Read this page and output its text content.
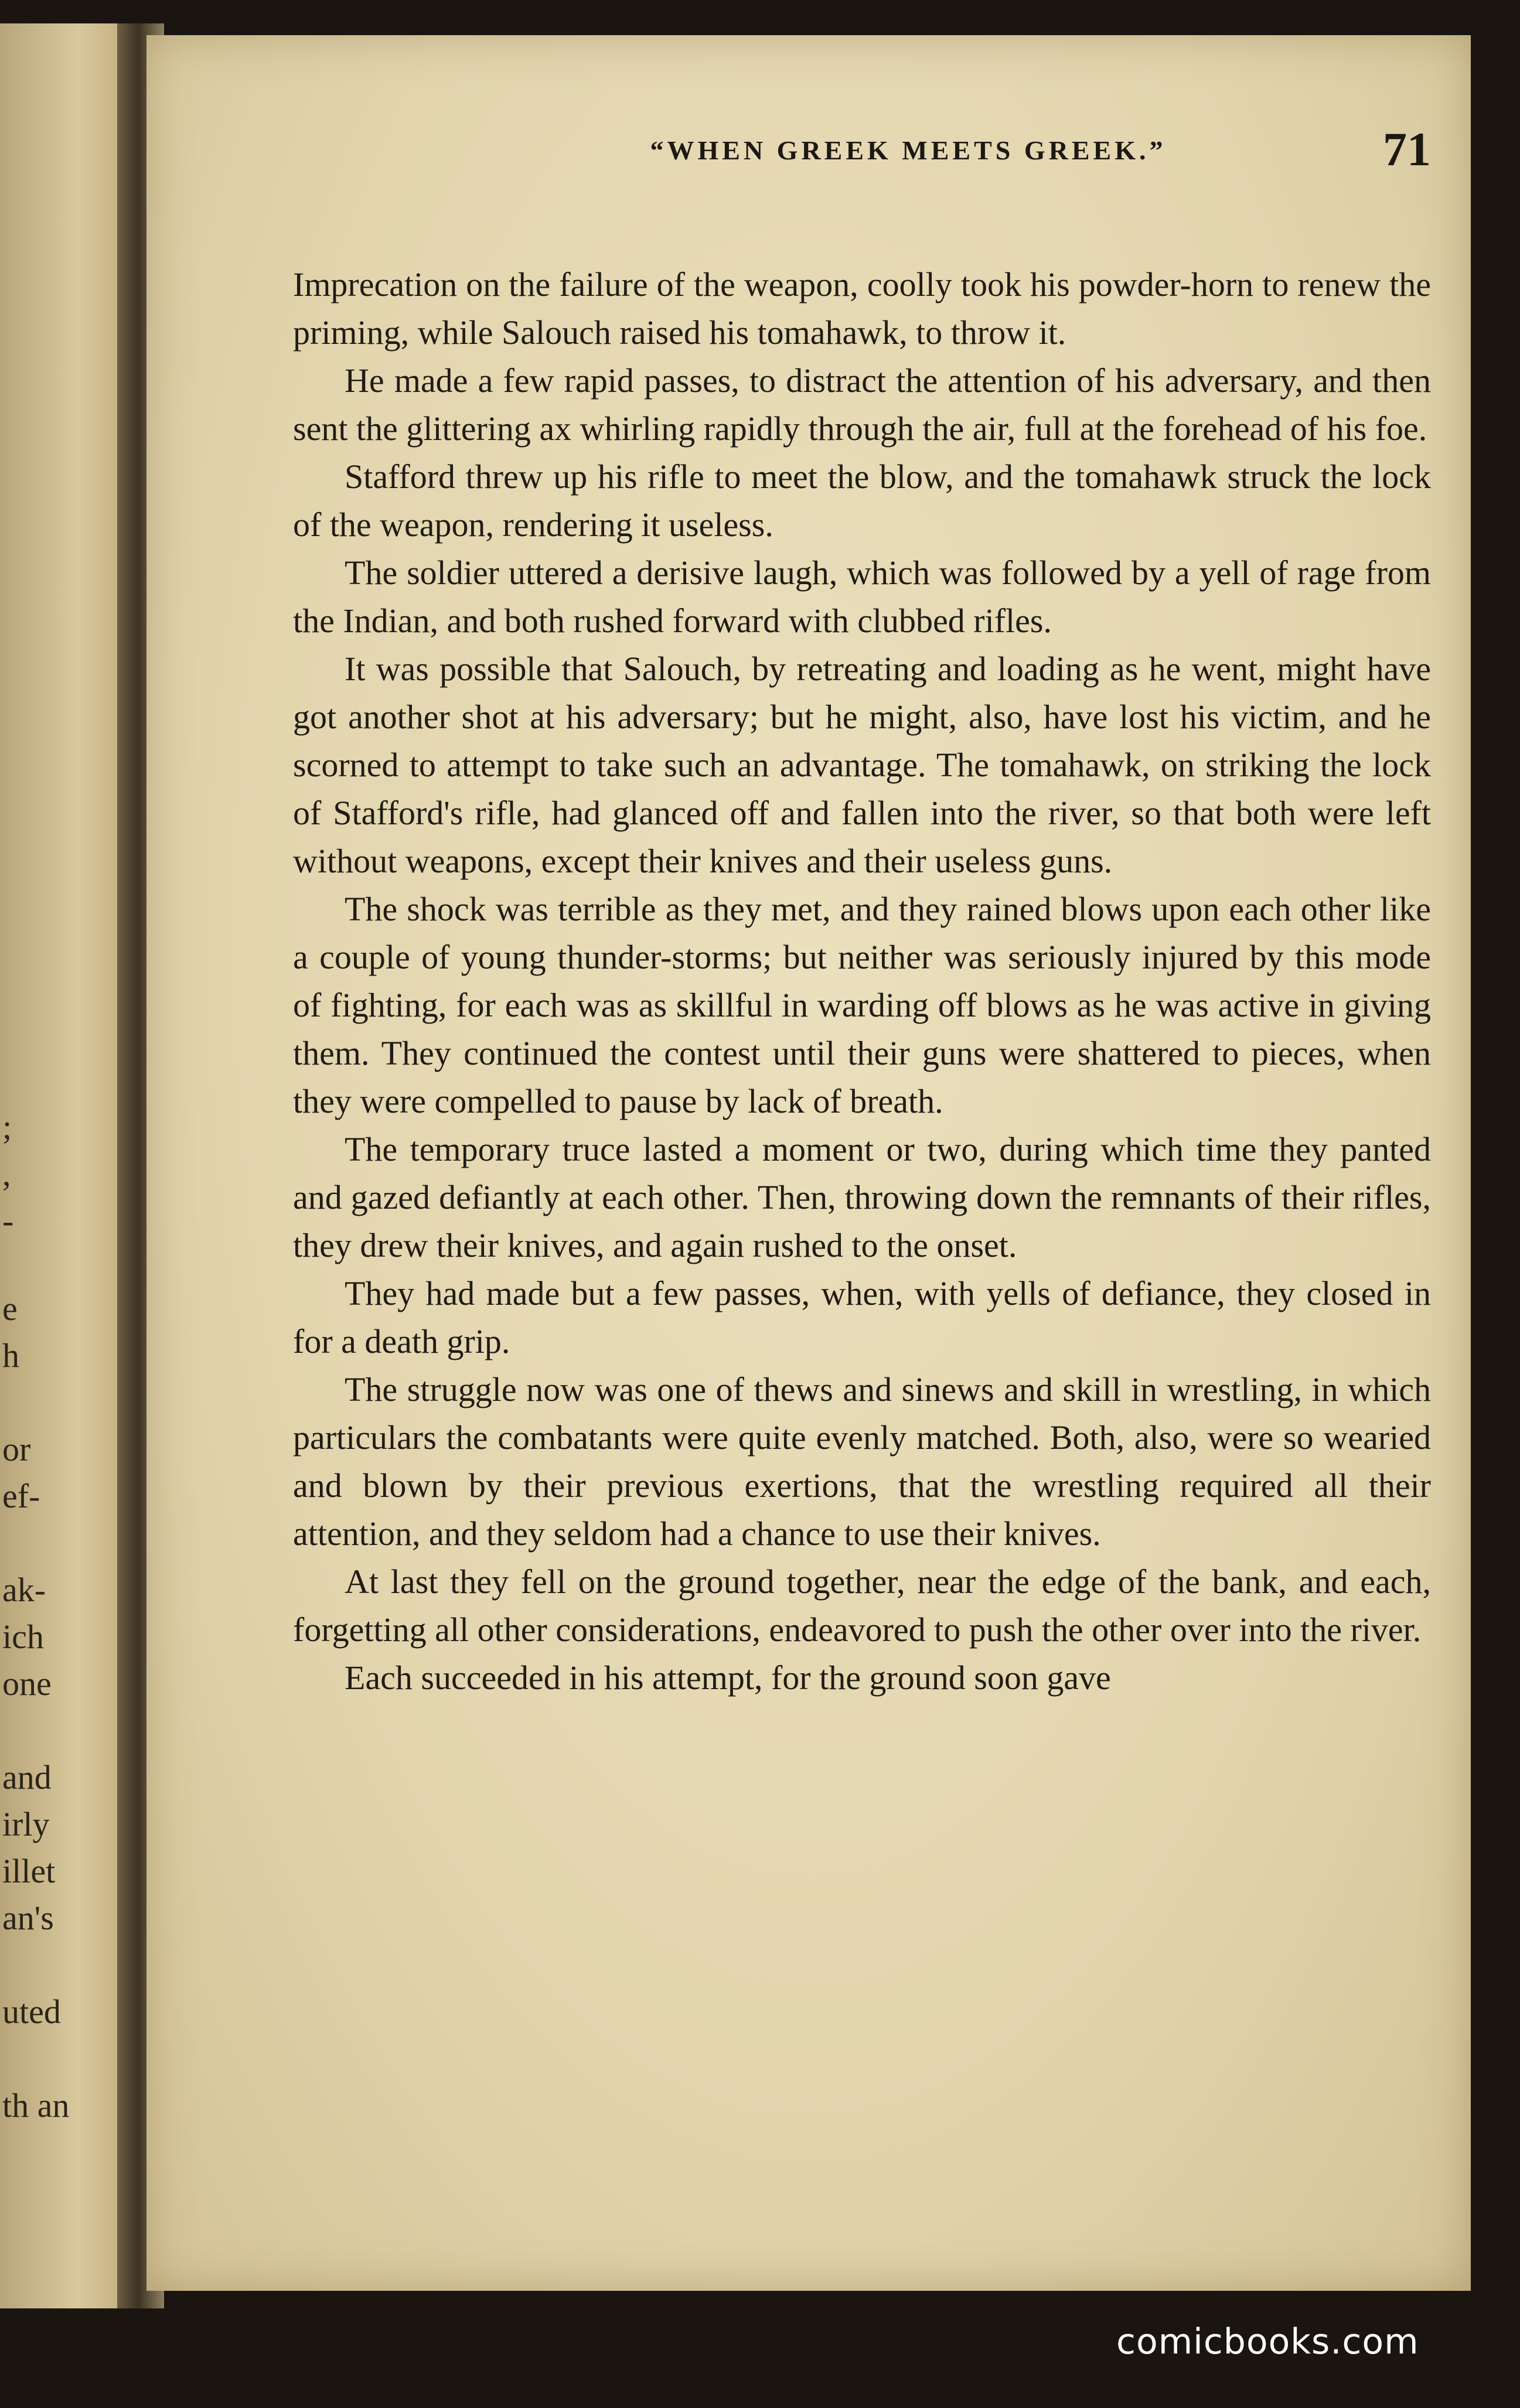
;
,
-
e
h
or
ef-
ak-
ich
one
and
irly
illet
an's
uted
th an
“WHEN GREEK MEETS GREEK.”	71

Imprecation on the failure of the weapon, coolly took his powder-horn to renew the priming, while Salouch raised his tomahawk, to throw it.

He made a few rapid passes, to distract the attention of his adversary, and then sent the glittering ax whirling rapidly through the air, full at the forehead of his foe.

Stafford threw up his rifle to meet the blow, and the tomahawk struck the lock of the weapon, rendering it useless.

The soldier uttered a derisive laugh, which was followed by a yell of rage from the Indian, and both rushed forward with clubbed rifles.

It was possible that Salouch, by retreating and loading as he went, might have got another shot at his adversary; but he might, also, have lost his victim, and he scorned to attempt to take such an advantage. The tomahawk, on striking the lock of Stafford's rifle, had glanced off and fallen into the river, so that both were left without weapons, except their knives and their useless guns.

The shock was terrible as they met, and they rained blows upon each other like a couple of young thunder-storms; but neither was seriously injured by this mode of fighting, for each was as skillful in warding off blows as he was active in giving them. They continued the contest until their guns were shattered to pieces, when they were compelled to pause by lack of breath.

The temporary truce lasted a moment or two, during which time they panted and gazed defiantly at each other. Then, throwing down the remnants of their rifles, they drew their knives, and again rushed to the onset.

They had made but a few passes, when, with yells of defiance, they closed in for a death grip.

The struggle now was one of thews and sinews and skill in wrestling, in which particulars the combatants were quite evenly matched. Both, also, were so wearied and blown by their previous exertions, that the wrestling required all their attention, and they seldom had a chance to use their knives.

At last they fell on the ground together, near the edge of the bank, and each, forgetting all other considerations, endeavored to push the other over into the river.

Each succeeded in his attempt, for the ground soon gave

comicbooks.com
